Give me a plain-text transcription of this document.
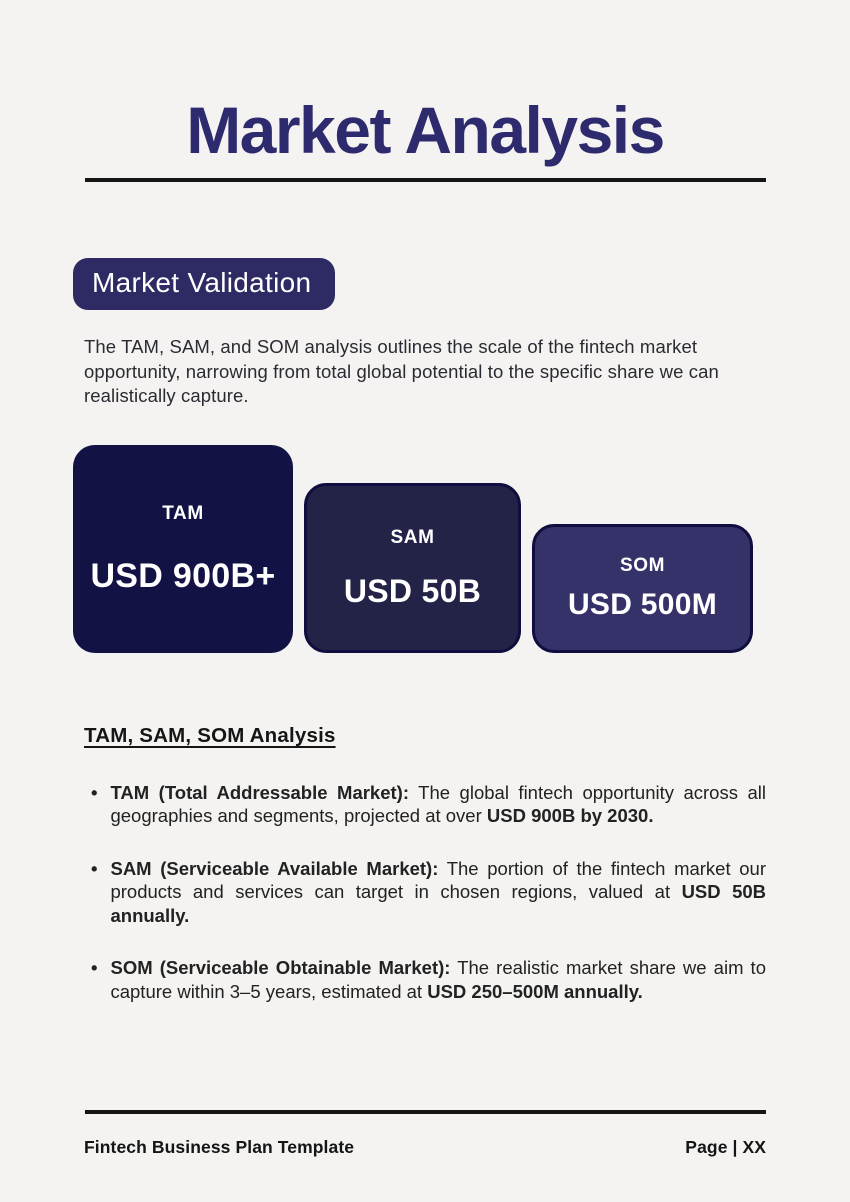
Market Analysis
Market Validation

The TAM, SAM, and SOM analysis outlines the scale of the fintech market opportunity, narrowing from total global potential to the specific share we can realistically capture.

TAM
USD 900B+
SAM
USD 50B
SOM
USD 500M
TAM, SAM, SOM Analysis
• TAM (Total Addressable Market): The global fintech opportunity across all geographies and segments, projected at over USD 900B by 2030.
• SAM (Serviceable Available Market): The portion of the fintech market our products and services can target in chosen regions, valued at USD 50B annually.
• SOM (Serviceable Obtainable Market): The realistic market share we aim to capture within 3–5 years, estimated at USD 250–500M annually.
Fintech Business Plan Template	Page | XX
